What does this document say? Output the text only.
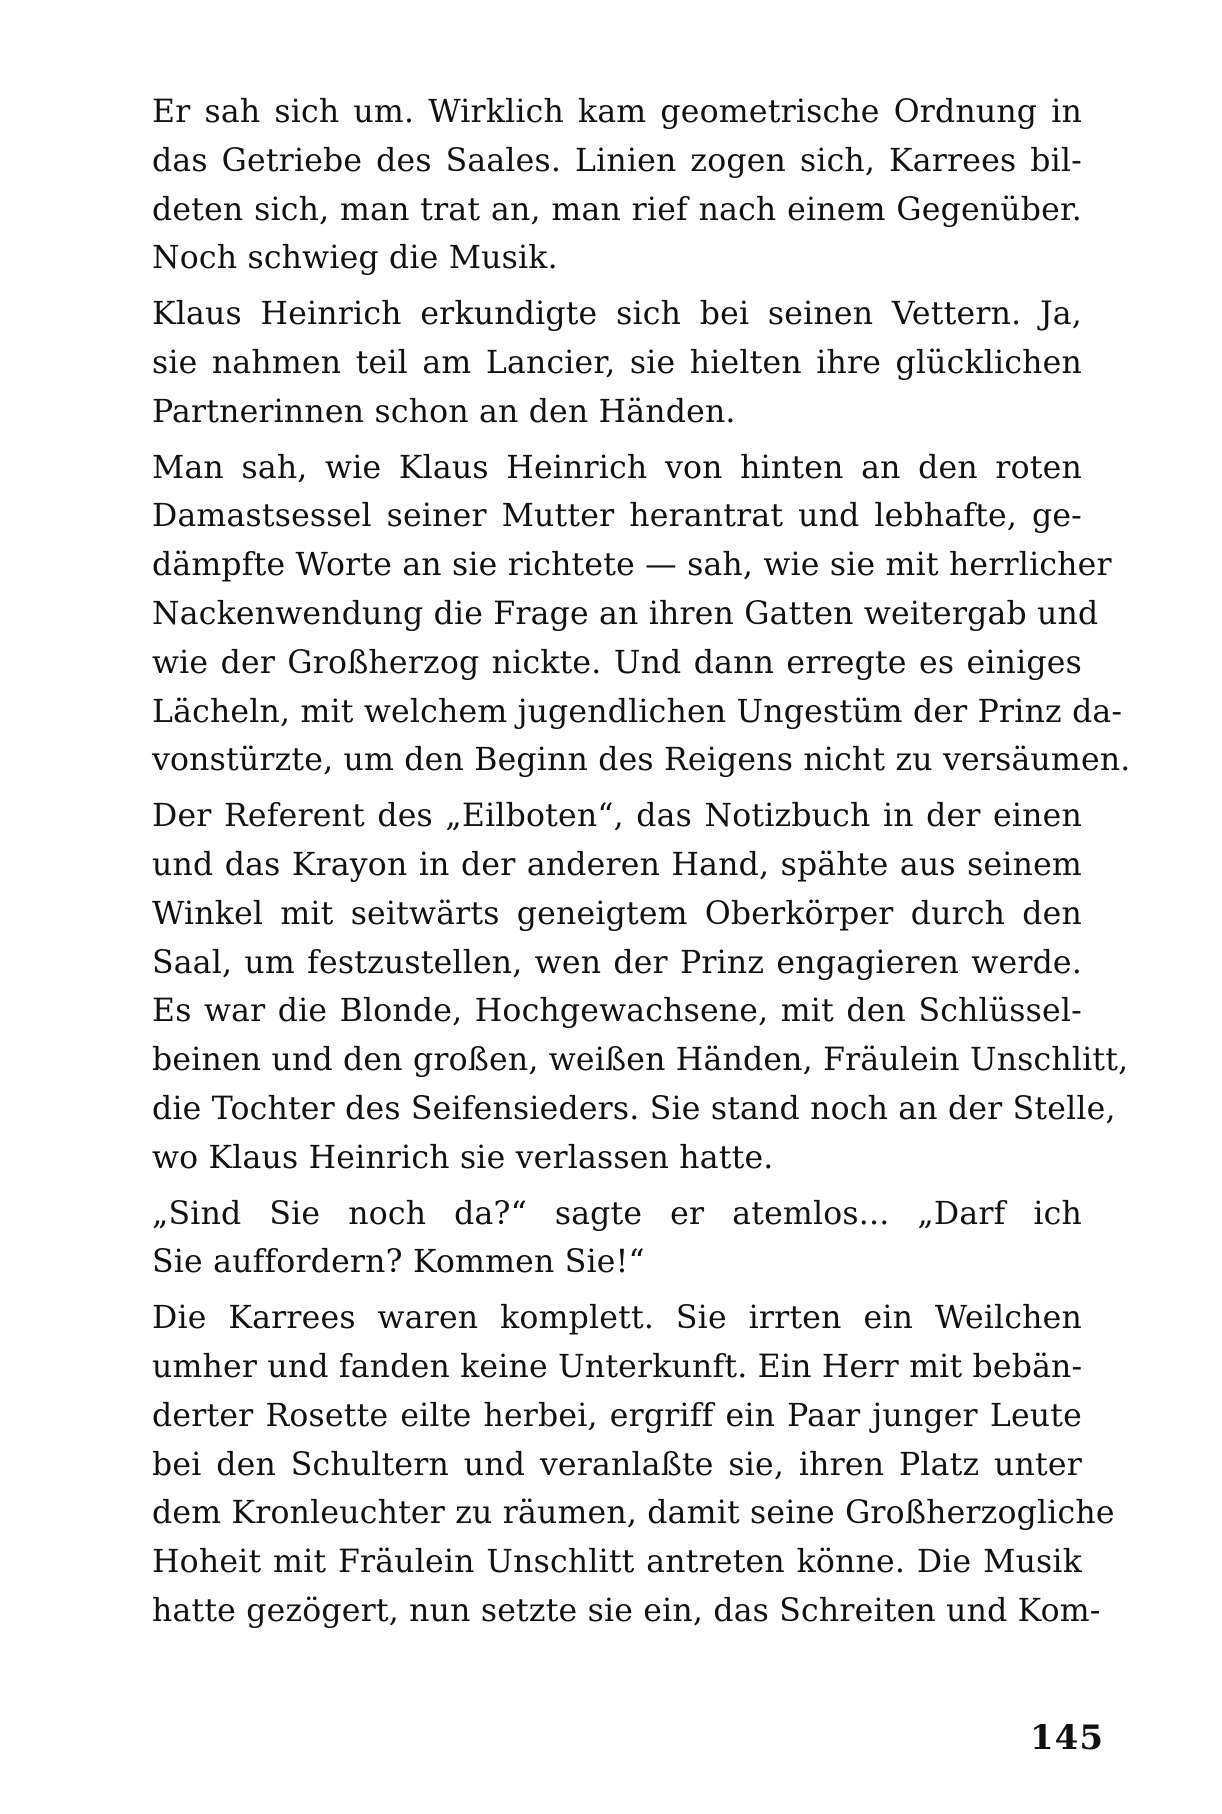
Er sah sich um. Wirklich kam geometrische Ordnung in
das Getriebe des Saales. Linien zogen sich, Karrees bil-
deten sich, man trat an, man rief nach einem Gegenüber.
Noch schwieg die Musik.

Klaus Heinrich erkundigte sich bei seinen Vettern. Ja,
sie nahmen teil am Lancier, sie hielten ihre glücklichen
Partnerinnen schon an den Händen.

Man sah, wie Klaus Heinrich von hinten an den roten
Damastsessel seiner Mutter herantrat und lebhafte, ge-
dämpfte Worte an sie richtete — sah, wie sie mit herrlicher
Nackenwendung die Frage an ihren Gatten weitergab und
wie der Großherzog nickte. Und dann erregte es einiges
Lächeln, mit welchem jugendlichen Ungestüm der Prinz da-
vonstürzte, um den Beginn des Reigens nicht zu versäumen.

Der Referent des „Eilboten“, das Notizbuch in der einen
und das Krayon in der anderen Hand, spähte aus seinem
Winkel mit seitwärts geneigtem Oberkörper durch den
Saal, um festzustellen, wen der Prinz engagieren werde.
Es war die Blonde, Hochgewachsene, mit den Schlüssel-
beinen und den großen, weißen Händen, Fräulein Unschlitt,
die Tochter des Seifensieders. Sie stand noch an der Stelle,
wo Klaus Heinrich sie verlassen hatte.

„Sind Sie noch da?“ sagte er atemlos... „Darf ich
Sie auffordern? Kommen Sie!“

Die Karrees waren komplett. Sie irrten ein Weilchen
umher und fanden keine Unterkunft. Ein Herr mit bebän-
derter Rosette eilte herbei, ergriff ein Paar junger Leute
bei den Schultern und veranlaßte sie, ihren Platz unter
dem Kronleuchter zu räumen, damit seine Großherzogliche
Hoheit mit Fräulein Unschlitt antreten könne. Die Musik
hatte gezögert, nun setzte sie ein, das Schreiten und Kom-

145
